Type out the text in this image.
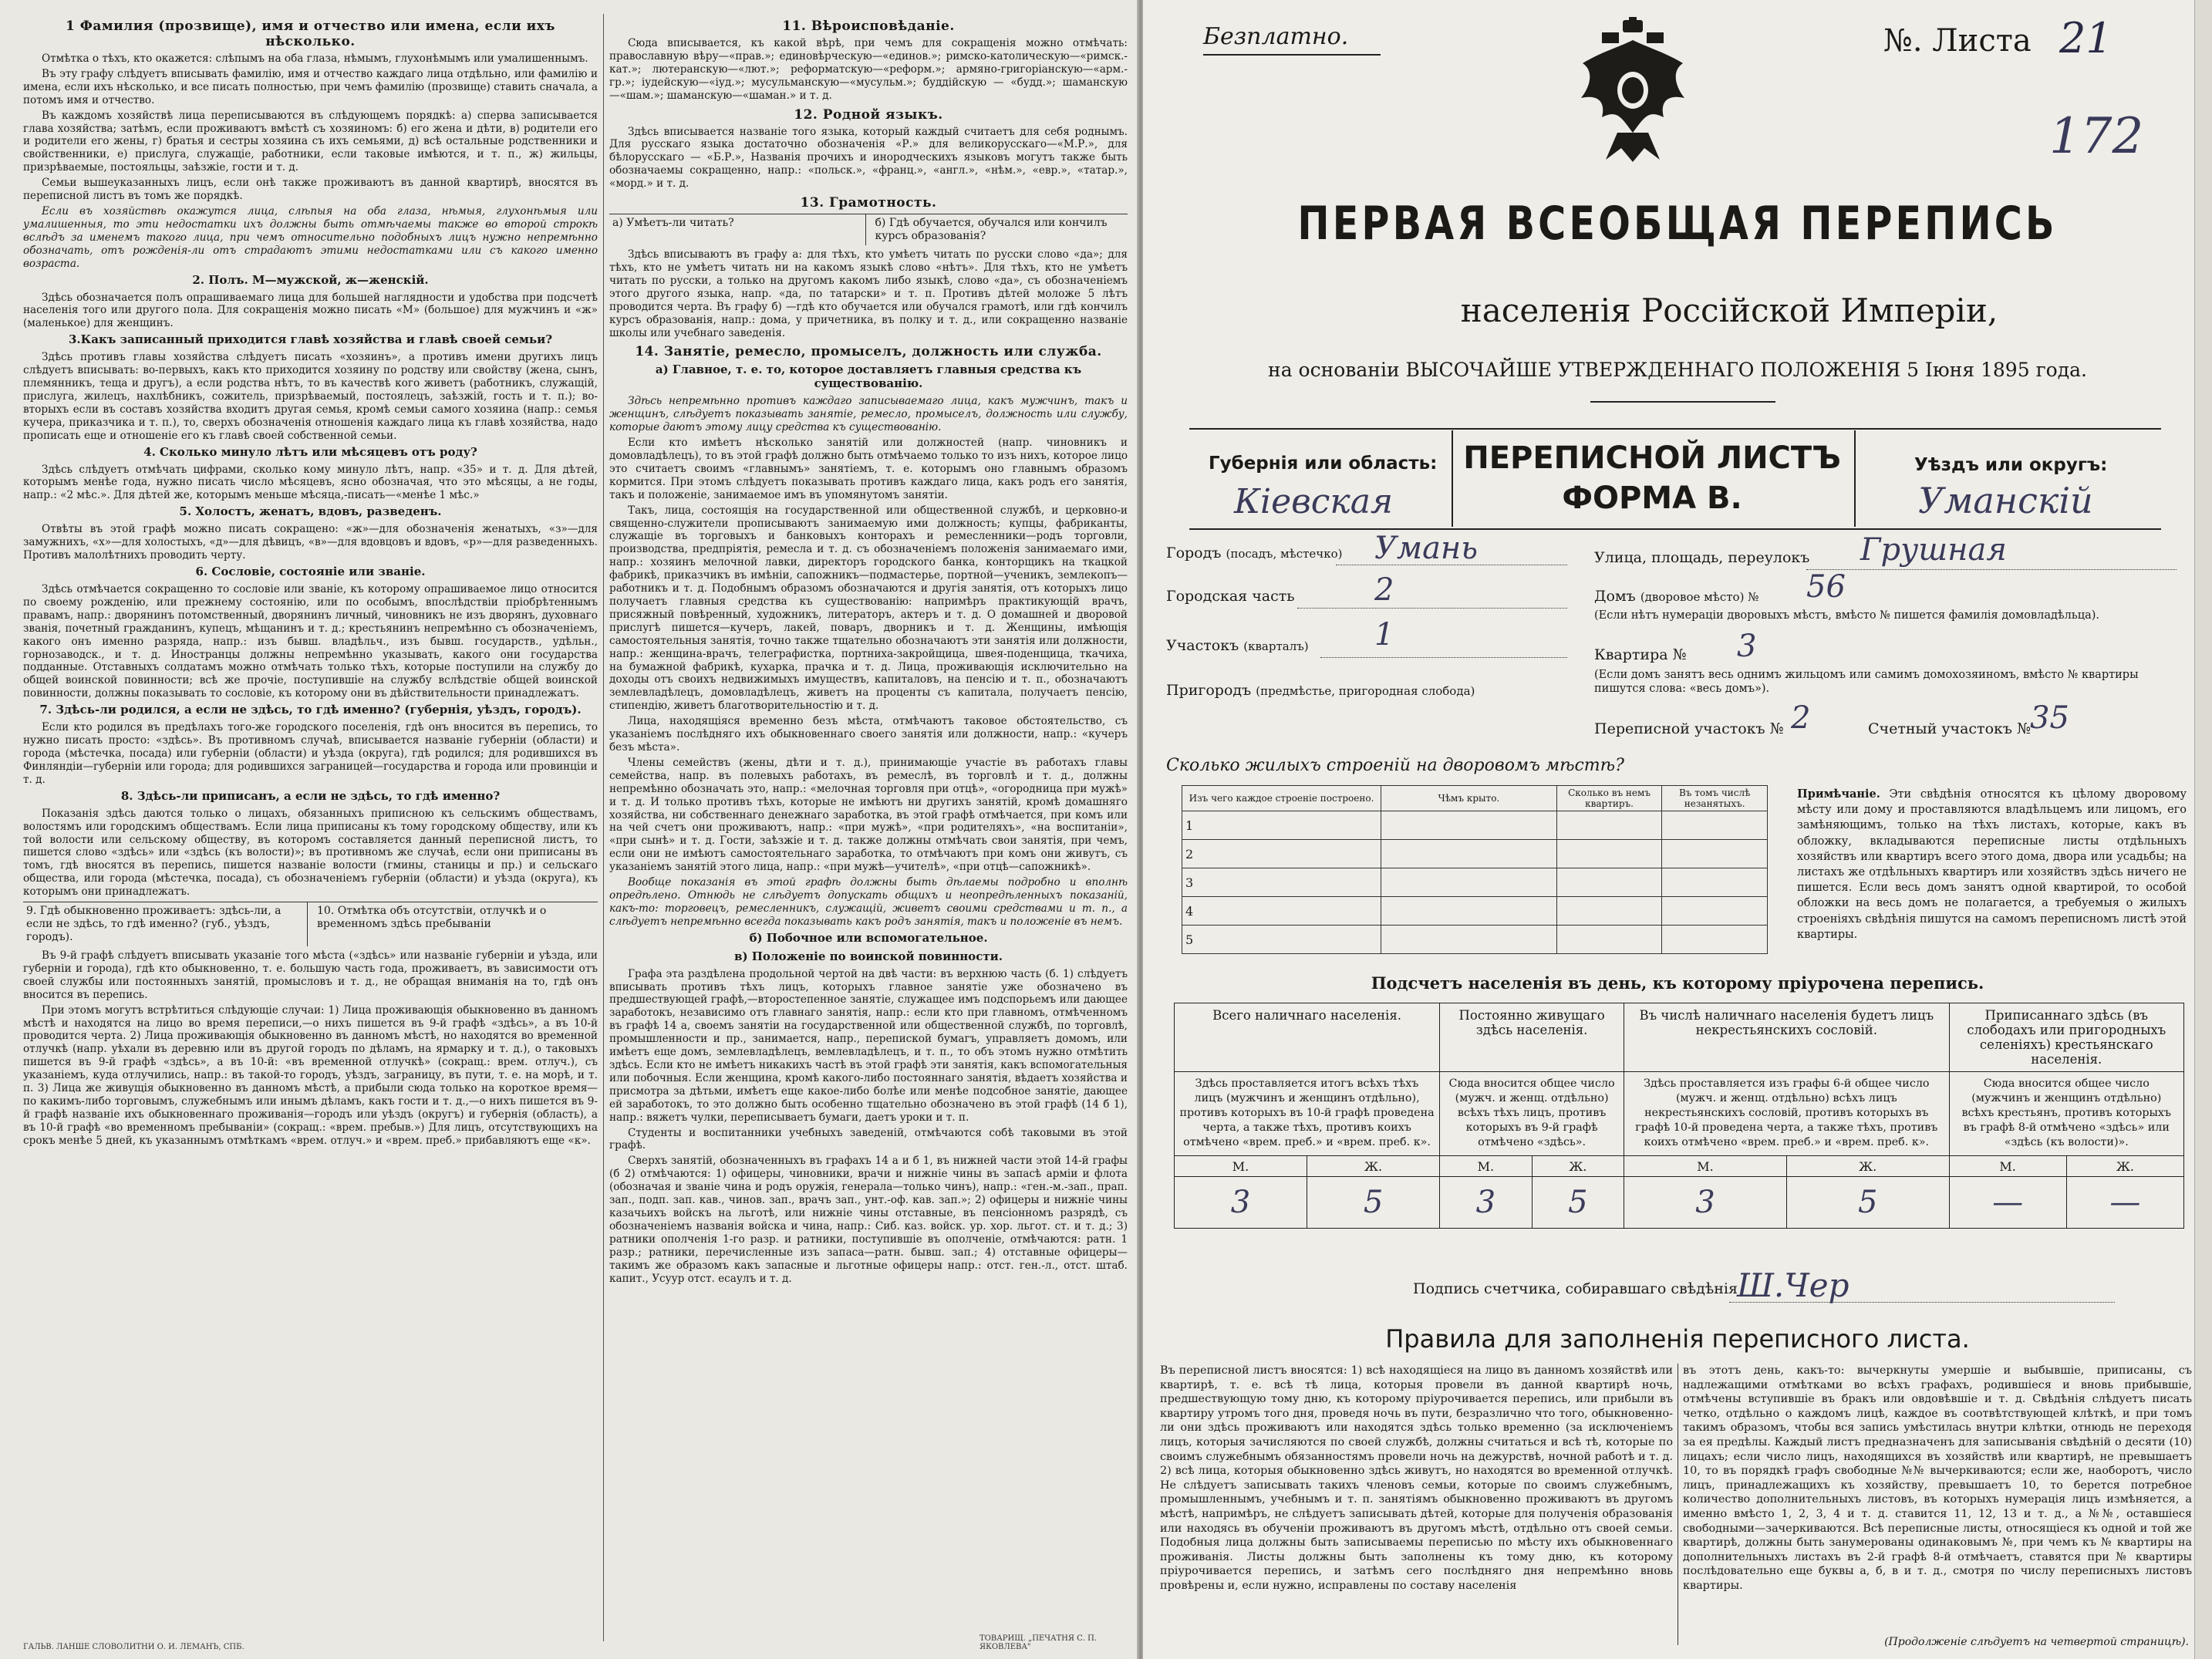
1 Фамилия (прозвище), имя и отчество или имена, если ихъ нѣсколько.
Отмѣтка о тѣхъ, кто окажется: слѣпымъ на оба глаза, нѣмымъ, глухонѣмымъ или умалишеннымъ.
Въ эту графу слѣдуетъ вписывать фамилію, имя и отчество каждаго лица отдѣльно, или фамилію и имена, если ихъ нѣсколько, и все писать полностью, при чемъ фамилію (прозвище) ставить сначала, а потомъ имя и отчество.
Въ каждомъ хозяйствѣ лица переписываются въ слѣдующемъ порядкѣ: а) сперва записывается глава хозяйства; затѣмъ, если проживаютъ вмѣстѣ съ хозяиномъ: б) его жена и дѣти, в) родители его и родители его жены, г) братья и сестры хозяина съ ихъ семьями, д) всѣ остальные родственники и свойственники, е) прислуга, служащіе, работники, если таковые имѣются, и т. п., ж) жильцы, призрѣваемые, постояльцы, заѣзжіе, гости и т. д.
Семьи вышеуказанныхъ лицъ, если онѣ также проживаютъ въ данной квартирѣ, вносятся въ переписной листъ въ томъ же порядкѣ.
Если въ хозяйствѣ окажутся лица, слѣпыя на оба глаза, нѣмыя, глухонѣмыя или умалишенныя, то эти недостатки ихъ должны быть отмѣчаемы также во второй строкѣ вслѣдъ за именемъ такого лица, при чемъ относительно подобныхъ лицъ нужно непремѣнно обозначать, отъ рожденія-ли отъ страдаютъ этими недостатками или съ какого именно возраста.
2. Полъ. М—мужской, ж—женскій.
Здѣсь обозначается полъ опрашиваемаго лица для большей наглядности и удобства при подсчетѣ населенія того или другого пола. Для сокращенія можно писать «М» (большое) для мужчинъ и «ж» (маленькое) для женщинъ.
3.Какъ записанный приходится главѣ хозяйства и главѣ своей семьи?
Здѣсь противъ главы хозяйства слѣдуетъ писать «хозяинъ», а противъ имени другихъ лицъ слѣдуетъ вписывать: во-первыхъ, какъ кто приходится хозяину по родству или свойству (жена, сынъ, племянникъ, теща и другъ), а если родства нѣтъ, то въ качествѣ кого живетъ (работникъ, служащій, прислуга, жилецъ, нахлѣбникъ, сожитель, призрѣваемый, постоялецъ, заѣзжій, гость и т. п.); во-вторыхъ если въ составъ хозяйства входитъ другая семья, кромѣ семьи самого хозяина (напр.: семья кучера, приказчика и т. п.), то, сверхъ обозначенія отношенія каждаго лица къ главѣ хозяйства, надо прописать еще и отношеніе его къ главѣ своей собственной семьи.
4. Сколько минуло лѣтъ или мѣсяцевъ отъ роду?
Здѣсь слѣдуетъ отмѣчать цифрами, сколько кому минуло лѣтъ, напр. «35» и т. д. Для дѣтей, которымъ менѣе года, нужно писать число мѣсяцевъ, ясно обозначая, что это мѣсяцы, а не годы, напр.: «2 мѣс.». Для дѣтей же, которымъ меньше мѣсяца,-писать—«менѣе 1 мѣс.»
5. Холостъ, женатъ, вдовъ, разведенъ.
Отвѣты въ этой графѣ можно писать сокращено: «ж»—для обозначенія женатыхъ, «з»—для замужнихъ, «х»—для холостыхъ, «д»—для дѣвицъ, «в»—для вдовцовъ и вдовъ, «р»—для разведенныхъ. Противъ малолѣтнихъ проводить черту.
6. Сословіе, состояніе или званіе.
Здѣсь отмѣчается сокращенно то сословіе или званіе, къ которому опрашиваемое лицо относится по своему рожденію, или прежнему состоянію, или по особымъ, впослѣдствіи пріобрѣтеннымъ правамъ, напр.: дворянинъ потомственный, дворянинъ личный, чиновникъ не изъ дворянъ, духовнаго званія, почетный гражданинъ, купецъ, мѣщанинъ и т. д.; крестьянинъ непремѣнно съ обозначеніемъ, какого онъ именно разряда, напр.: изъ бывш. владѣльч., изъ бывш. государств., удѣльн., горнозаводск., и т. д. Иностранцы должны непремѣнно указывать, какого они государства подданные. Отставныхъ солдатамъ можно отмѣчать только тѣхъ, которые поступили на службу до общей воинской повинности; всѣ же прочіе, поступившіе на службу вслѣдствіе общей воинской повинности, должны показывать то сословіе, къ которому они въ дѣйствительности принадлежатъ.
7. Здѣсь-ли родился, а если не здѣсь, то гдѣ именно? (губернія, уѣздъ, городъ).
Если кто родился въ предѣлахъ того-же городского поселенія, гдѣ онъ вносится въ перепись, то нужно писать просто: «здѣсь». Въ противномъ случаѣ, вписывается названіе губерніи (области) и города (мѣстечка, посада) или губерніи (области) и уѣзда (округа), гдѣ родился; для родившихся въ Финляндіи—губерніи или города; для родившихся заграницей—государства и города или провинціи и т. д.
8. Здѣсь-ли приписанъ, а если не здѣсь, то гдѣ именно?
Показанія здѣсь даются только о лицахъ, обязанныхъ приписною къ сельскимъ обществамъ, волостямъ или городскимъ обществамъ. Если лица приписаны къ тому городскому обществу, или къ той волости или сельскому обществу, въ которомъ составляется данный переписной листъ, то пишется слово «здѣсь» или «здѣсь (къ волости)»; въ противномъ же случаѣ, если они приписаны въ томъ, гдѣ вносятся въ перепись, пишется названіе волости (гмины, станицы и пр.) и сельскаго общества, или города (мѣстечка, посада), съ обозначеніемъ губерніи (области) и уѣзда (округа), къ которымъ они принадлежатъ.
9. Гдѣ обыкновенно проживаетъ: здѣсь-ли, а если не здѣсь, то гдѣ именно? (губ., уѣздъ, городъ).
10. Отмѣтка объ отсутствіи, отлучкѣ и о временномъ здѣсь пребываніи
Въ 9-й графѣ слѣдуетъ вписывать указаніе того мѣста («здѣсь» или названіе губерніи и уѣзда, или губерніи и города), гдѣ кто обыкновенно, т. е. большую часть года, проживаетъ, въ зависимости отъ своей службы или постоянныхъ занятій, промысловъ и т. д., не обращая вниманія на то, гдѣ онъ вносится въ перепись.
При этомъ могутъ встрѣтиться слѣдующіе случаи: 1) Лица проживающія обыкновенно въ данномъ мѣстѣ и находятся на лицо во время переписи,—о нихъ пишется въ 9-й графѣ «здѣсь», а въ 10-й проводится черта. 2) Лица проживающія обыкновенно въ данномъ мѣстѣ, но находятся во временной отлучкѣ (напр. уѣхали въ деревню или въ другой городъ по дѣламъ, на ярмарку и т. д.), о таковыхъ пишется въ 9-й графѣ «здѣсь», а въ 10-й: «въ временной отлучкѣ» (сокращ.: врем. отлуч.), съ указаніемъ, куда отлучились, напр.: въ такой-то городъ, уѣздъ, заграницу, въ пути, т. е. на морѣ, и т. п. 3) Лица же живущія обыкновенно въ данномъ мѣстѣ, а прибыли сюда только на короткое время—по какимъ-либо торговымъ, служебнымъ или инымъ дѣламъ, какъ гости и т. д.,—о нихъ пишется въ 9-й графѣ названіе ихъ обыкновеннаго проживанія—городъ или уѣздъ (округъ) и губернія (область), а въ 10-й графѣ «во временномъ пребываніи» (сокращ.: «врем. пребыв.») Для лицъ, отсутствующихъ на срокъ менѣе 5 дней, къ указаннымъ отмѣткамъ «врем. отлуч.» и «врем. преб.» прибавляютъ еще «к».
11. Вѣроисповѣданіе.
Сюда вписывается, къ какой вѣрѣ, при чемъ для сокращенія можно отмѣчать: православную вѣру—«прав.»; единовѣрческую—«единов.»; римско-католическую—«римск.-кат.»; лютеранскую—«лют.»; реформатскую—«реформ.»; армяно-григоріанскую—«арм.-гр.»; іудейскую—«іуд.»; мусульманскую—«мусульм.»; буддійскую — «будд.»; шаманскую—«шам.»; шаманскую—«шаман.» и т. д.
12. Родной языкъ.
Здѣсь вписывается названіе того языка, который каждый считаетъ для себя роднымъ. Для русскаго языка достаточно обозначенія «Р.» для великорусскаго—«М.Р.», для бѣлорусскаго — «Б.Р.», Названія прочихъ и инородческихъ языковъ могутъ также быть обозначаемы сокращенно, напр.: «польск.», «франц.», «англ.», «нѣм.», «евр.», «татар.», «морд.» и т. д.
13. Грамотность.
а) Умѣетъ-ли читать?	б) Гдѣ обучается, обучался или кончилъ курсъ образованія?
Здѣсь вписываютъ въ графу а: для тѣхъ, кто умѣетъ читать по русски слово «да»; для тѣхъ, кто не умѣетъ читать ни на какомъ языкѣ слово «нѣтъ». Для тѣхъ, кто не умѣетъ читать по русски, а только на другомъ какомъ либо языкѣ, слово «да», съ обозначеніемъ этого другого языка, напр. «да, по татарски» и т. п. Противъ дѣтей моложе 5 лѣтъ проводится черта. Въ графу б) —гдѣ кто обучается или обучался грамотѣ, или гдѣ кончилъ курсъ образованія, напр.: дома, у причетника, въ полку и т. д., или сокращенно названіе школы или учебнаго заведенія.
14. Занятіе, ремесло, промыселъ, должность или служба.
а) Главное, т. е. то, которое доставляетъ главныя средства къ существованію.
Здѣсь непремѣнно противъ каждаго записываемаго лица, какъ мужчинъ, такъ и женщинъ, слѣдуетъ показывать занятіе, ремесло, промыселъ, должность или службу, которые даютъ этому лицу средства къ существованію.
Если кто имѣетъ нѣсколько занятій или должностей (напр. чиновникъ и домовладѣлецъ), то въ этой графѣ должно быть отмѣчаемо только то изъ нихъ, которое лицо это считаетъ своимъ «главнымъ» занятіемъ, т. е. которымъ оно главнымъ образомъ кормится. При этомъ слѣдуетъ показывать противъ каждаго лица, какъ родъ его занятія, такъ и положеніе, занимаемое имъ въ упомянутомъ занятіи.
Такъ, лица, состоящія на государственной или общественной службѣ, и церковно-и священно-служители прописываютъ занимаемую ими должность; купцы, фабриканты, служащіе въ торговыхъ и банковыхъ конторахъ и ремесленники—родъ торговли, производства, предпріятія, ремесла и т. д. съ обозначеніемъ положенія занимаемаго ими, напр.: хозяинъ мелочной лавки, директоръ городского банка, конторщикъ на ткацкой фабрикѣ, приказчикъ въ имѣніи, сапожникъ—подмастерье, портной—ученикъ, землекопъ—работникъ и т. д. Подобнымъ образомъ обозначаются и другія занятія, отъ которыхъ лицо получаетъ главныя средства къ существованію: напримѣръ практикующій врачъ, присяжный повѣренный, художникъ, литераторъ, актеръ и т. д. О домашней и дворовой прислугѣ пишется—кучеръ, лакей, поваръ, дворникъ и т. д. Женщины, имѣющія самостоятельныя занятія, точно также тщательно обозначаютъ эти занятія или должности, напр.: женщина-врачъ, телеграфистка, портниха-закройщица, швея-поденщица, ткачиха, на бумажной фабрикѣ, кухарка, прачка и т. д. Лица, проживающія исключительно на доходы отъ своихъ недвижимыхъ имуществъ, капиталовъ, на пенсію и т. п., обозначаютъ землевладѣлецъ, домовладѣлецъ, живетъ на проценты съ капитала, получаетъ пенсію, стипендію, живетъ благотворительностію и т. д.
Лица, находящіяся временно безъ мѣста, отмѣчаютъ таковое обстоятельство, съ указаніемъ послѣдняго ихъ обыкновеннаго своего занятія или должности, напр.: «кучеръ безъ мѣста».
Члены семействъ (жены, дѣти и т. д.), принимающіе участіе въ работахъ главы семейства, напр. въ полевыхъ работахъ, въ ремеслѣ, въ торговлѣ и т. д., должны непремѣнно обозначать это, напр.: «мелочная торговля при отцѣ», «огородница при мужѣ» и т. д. И только противъ тѣхъ, которые не имѣютъ ни другихъ занятій, кромѣ домашняго хозяйства, ни собственнаго денежнаго заработка, въ этой графѣ отмѣчается, при комъ или на чей счетъ они проживаютъ, напр.: «при мужѣ», «при родителяхъ», «на воспитаніи», «при сынѣ» и т. д. Гости, заѣзжіе и т. д. также должны отмѣчать свои занятія, при чемъ, если они не имѣютъ самостоятельнаго заработка, то отмѣчаютъ при комъ они живутъ, съ указаніемъ занятій этого лица, напр.: «при мужѣ—учителѣ», «при отцѣ—сапожникѣ».
Вообще показанія въ этой графѣ должны быть дѣлаемы подробно и вполнѣ опредѣлено. Отнюдь не слѣдуетъ допускать общихъ и неопредѣленныхъ показаній, какъ-то: торговецъ, ремесленникъ, служащій, живетъ своими средствами и т. п., а слѣдуетъ непремѣнно всегда показывать какъ родъ занятія, такъ и положеніе въ немъ.
б) Побочное или вспомогательное.
в) Положеніе по воинской повинности.
Графа эта раздѣлена продольной чертой на двѣ части: въ верхнюю часть (б. 1) слѣдуетъ вписывать противъ тѣхъ лицъ, которыхъ главное занятіе уже обозначено въ предшествующей графѣ,—второстепенное занятіе, служащее имъ подспорьемъ или дающее заработокъ, независимо отъ главнаго занятія, напр.: если кто при главномъ, отмѣченномъ въ графѣ 14 а, своемъ занятіи на государственной или общественной службѣ, по торговлѣ, промышленности и пр., занимается, напр., перепиской бумагъ, управляетъ домомъ, или имѣетъ еще домъ, землевладѣлецъ, вемлевладѣлецъ, и т. п., то объ этомъ нужно отмѣтить здѣсь. Если кто не имѣетъ никакихъ частѣ въ этой графѣ эти занятія, какъ вспомогательныя или побочныя. Если женщина, кромѣ какого-либо постояннаго занятія, вѣдаетъ хозяйства и присмотра за дѣтьми, имѣетъ еще какое-либо болѣе или менѣе подсобное занятіе, дающее ей заработокъ, то это должно быть особенно тщательно обозначено въ этой графѣ (14 б 1), напр.: вяжетъ чулки, переписываетъ бумаги, даетъ уроки и т. п.
Студенты и воспитанники учебныхъ заведеній, отмѣчаются собѣ таковыми въ этой графѣ.
Сверхъ занятій, обозначенныхъ въ графахъ 14 а и б 1, въ нижней части этой 14-й графы (б 2) отмѣчаются: 1) офицеры, чиновники, врачи и нижніе чины въ запасѣ арміи и флота (обозначая и званіе чина и родъ оружія, генерала—только чинъ), напр.: «ген.-м.-зап., прап. зап., подп. зап. кав., чинов. зап., врачъ зап., унт.-оф. кав. зап.»; 2) офицеры и нижніе чины казачьихъ войскъ на льготѣ, или нижніе чины отставные, въ пенсіонномъ разрядѣ, съ обозначеніемъ названія войска и чина, напр.: Сиб. каз. войск. ур. хор. льгот. ст. и т. д.; 3) ратники ополченія 1-го разр. и ратники, поступившіе въ ополченіе, отмѣчаются: ратн. 1 разр.; ратники, перечисленные изъ запаса—ратн. бывш. зап.; 4) отставные офицеры—такимъ же образомъ какъ запасные и льготные офицеры напр.: отст. ген.-л., отст. штаб. капит., Усуур отст. есаулъ и т. д.
ГАЛЬВ. ЛАНШЕ СЛОВОЛИТНИ О. И. ЛЕМАНЪ, СПБ.
ТОВАРИЩ. „ПЕЧАТНЯ С. П. ЯКОВЛЕВА"
Безплатно.	№. Листа 21
172
ПЕРВАЯ ВСЕОБЩАЯ ПЕРЕПИСЬ
населенія Россійской Имперіи,
на основаніи ВЫСОЧАЙШЕ УТВЕРЖДЕННАГО ПОЛОЖЕНІЯ 5 Іюня 1895 года.
ПЕРЕПИСНОЙ ЛИСТЪ
ФОРМА В.
Губернія или область:
Кіевская
Уѣздъ или округъ:
Уманскій
Городъ (посадъ, мѣстечко) Умань
Городская часть	2
Участокъ (кварталъ) 1
Пригородъ (предмѣстье, пригородная слобода)
Улица, площадь, переулокъ Грушная
Домъ (дворовое мѣсто) № 56
(Если нѣтъ нумераціи дворовыхъ мѣстъ, вмѣсто № пишется фамилія домовладѣльца).
Квартира № 3
(Если домъ занятъ весь однимъ жильцомъ или самимъ домохозяиномъ, вмѣсто № квартиры пишутся слова: «весь домъ»).
Переписной участокъ № 2	Счетный участокъ № 35
Сколько жилыхъ строеній на дворовомъ мѣстѣ?
Изъ чего каждое строеніе построено.	Чѣмъ крыто.	Сколько въ немъ квартиръ.	Въ томъ числѣ незанятыхъ.
1			
2			
3			
4			
5			
Примѣчаніе. Эти свѣдѣнія относятся къ цѣлому дворовому мѣсту или дому и проставляются владѣльцемъ или лицомъ, его замѣняющимъ, только на тѣхъ листахъ, которые, какъ въ обложку, вкладываются переписные листы отдѣльныхъ хозяйствъ или квартиръ всего этого дома, двора или усадьбы; на листахъ же отдѣльныхъ квартиръ или хозяйствъ здѣсь ничего не пишется. Если весь домъ занятъ одной квартирой, то особой обложки на весь домъ не полагается, а требуемыя о жилыхъ строеніяхъ свѣдѣнія пишутся на самомъ переписномъ листѣ этой квартиры.
Подсчетъ населенія въ день, къ которому пріурочена перепись.
Всего наличнаго населенія.		Постоянно живущаго здѣсь населенія.		Въ числѣ наличнаго населенія будетъ лицъ некрестьянскихъ сословій.		Приписаннаго здѣсь (въ слободахъ или пригородныхъ селеніяхъ) крестьянскаго населенія.	
Здѣсь проставляется итогъ всѣхъ тѣхъ лицъ (мужчинъ и женщинъ отдѣльно), противъ которыхъ въ 10-й графѣ проведена черта, а также тѣхъ, противъ коихъ отмѣчено «врем. преб.» и «врем. преб. к».		Сюда вносится общее число (мужч. и женщ. отдѣльно) всѣхъ тѣхъ лицъ, противъ которыхъ въ 9-й графѣ отмѣчено «здѣсь».		Здѣсь проставляется изъ графы 6-й общее число (мужч. и женщ. отдѣльно) всѣхъ лицъ некрестьянскихъ сословій, противъ которыхъ въ графѣ 10-й проведена черта, а также тѣхъ, противъ коихъ отмѣчено «врем. преб.» и «врем. преб. к».		Сюда вносится общее число (мужчинъ и женщинъ отдѣльно) всѣхъ крестьянъ, противъ которыхъ въ графѣ 8-й отмѣчено «здѣсь» или «здѣсь (къ волости)».	
М.	Ж.	М.	Ж.	М.	Ж.	М.	Ж.
3	5	3	5	3	5	—	—
Подпись счетчика, собиравшаго свѣдѣнія Ш.Чер
Правила для заполненія переписного листа.
Въ переписной листъ вносятся: 1) всѣ находящіеся на лицо въ данномъ хозяйствѣ или квартирѣ, т. е. всѣ тѣ лица, которыя провели въ данной квартирѣ ночь, предшествующую тому дню, къ которому пріурочивается перепись, или прибыли въ квартиру утромъ того дня, проведя ночь въ пути, безразлично что того, обыкновенно-ли они здѣсь проживаютъ или находятся здѣсь только временно (за исключеніемъ лицъ, которыя зачисляются по своей службѣ, должны считаться и всѣ тѣ, которые по своимъ служебнымъ обязанностямъ провели ночь на дежурствѣ, ночной работѣ и т. д. 2) всѣ лица, которыя обыкновенно здѣсь живутъ, но находятся во временной отлучкѣ. Не слѣдуетъ записывать такихъ членовъ семьи, которые по своимъ служебнымъ, промышленнымъ, учебнымъ и т. п. занятіямъ обыкновенно проживаютъ въ другомъ мѣстѣ, напримѣръ, не слѣдуетъ записывать дѣтей, которые для полученія образованія или находясь въ обученіи проживаютъ въ другомъ мѣстѣ, отдѣльно отъ своей семьи. Подобныя лица должны быть записываемы переписью по мѣсту ихъ обыкновеннаго проживанія. Листы должны быть заполнены къ тому дню, къ которому пріурочивается перепись, и затѣмъ сего послѣдняго дня непремѣнно вновь провѣрены и, если нужно, исправлены по составу населенія
въ этотъ день, какъ-то: вычеркнуты умершіе и выбывшіе, приписаны, съ надлежащими отмѣтками во всѣхъ графахъ, родившіеся и вновь прибывшіе, отмѣчены вступившіе въ бракъ или овдовѣвшіе и т. д. Свѣдѣнія слѣдуетъ писать четко, отдѣльно о каждомъ лицѣ, каждое въ соотвѣтствующей клѣткѣ, и при томъ такимъ образомъ, чтобы вся запись умѣстилась внутри клѣтки, отнюдь не переходя за ея предѣлы. Каждый листъ предназначенъ для записыванія свѣдѣній о десяти (10) лицахъ; если число лицъ, находящихся въ хозяйствѣ или квартирѣ, не превышаетъ 10, то въ порядкѣ графъ свободные №№ вычеркиваются; если же, наоборотъ, число лицъ, принадлежащихъ къ хозяйству, превышаетъ 10, то берется потребное количество дополнительныхъ листовъ, въ которыхъ нумерація лицъ измѣняется, а именно вмѣсто 1, 2, 3, 4 и т. д. ставится 11, 12, 13 и т. д., а №№, оставшіеся свободными—зачеркиваются. Всѣ переписные листы, относящіеся къ одной и той же квартирѣ, должны быть занумерованы одинаковымъ №, при чемъ къ № квартиры на дополнительныхъ листахъ въ 2-й графѣ 8-й отмѣчаетъ, ставятся при № квартиры послѣдовательно еще буквы а, б, в и т. д., смотря по числу переписныхъ листовъ квартиры.
(Продолженіе слѣдуетъ на четвертой страницѣ).
